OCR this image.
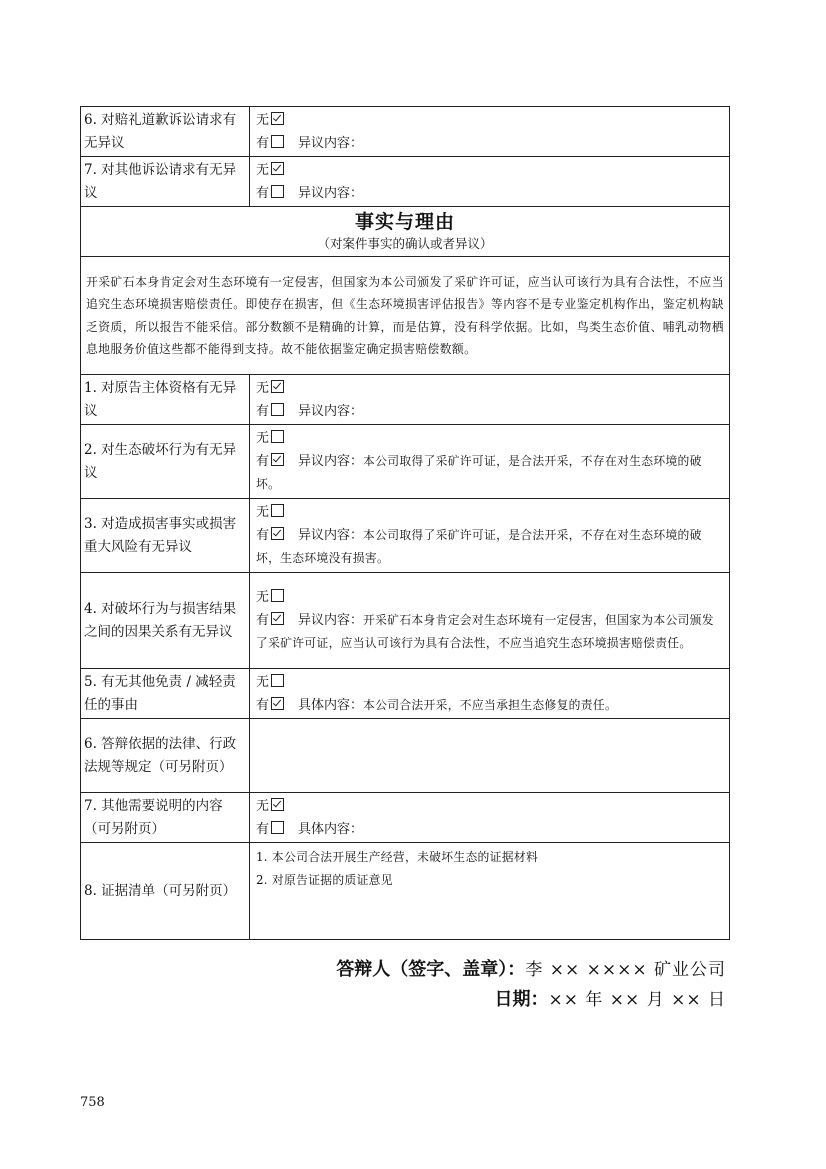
6. 对赔礼道歉诉讼请求有无异议	无
有 异议内容：

7. 对其他诉讼请求有无异议	无
有 异议内容：

事实与理由
（对案件事实的确认或者异议）	

开采矿石本身肯定会对生态环境有一定侵害，但国家为本公司颁发了采矿许可证，应当认可该行为具有合法性，不应当追究生态环境损害赔偿责任。即使存在损害，但《生态环境损害评估报告》等内容不是专业鉴定机构作出，鉴定机构缺乏资质，所以报告不能采信。部分数额不是精确的计算，而是估算，没有科学依据。比如，鸟类生态价值、哺乳动物栖息地服务价值这些都不能得到支持。故不能依据鉴定确定损害赔偿数额。	
1. 对原告主体资格有无异议	无
有 异议内容：

2. 对生态破坏行为有无异议	无
有 异议内容：本公司取得了采矿许可证，是合法开采，不存在对生态环境的破坏。

3. 对造成损害事实或损害重大风险有无异议	无
有 异议内容：本公司取得了采矿许可证，是合法开采，不存在对生态环境的破坏，生态环境没有损害。

4. 对破坏行为与损害结果之间的因果关系有无异议	无
有 异议内容：开采矿石本身肯定会对生态环境有一定侵害，但国家为本公司颁发了采矿许可证，应当认可该行为具有合法性，不应当追究生态环境损害赔偿责任。

5. 有无其他免责 / 减轻责任的事由	无
有 具体内容：本公司合法开采，不应当承担生态修复的责任。

6. 答辩依据的法律、行政法规等规定（可另附页）	
7. 其他需要说明的内容（可另附页）	无
有 具体内容：

8. 证据清单（可另附页）	1. 本公司合法开展生产经营，未破坏生态的证据材料
2. 对原告证据的质证意见
答辩人（签字、盖章）：李 ×× ×××× 矿业公司
日期：×× 年 ×× 月 ×× 日
758
